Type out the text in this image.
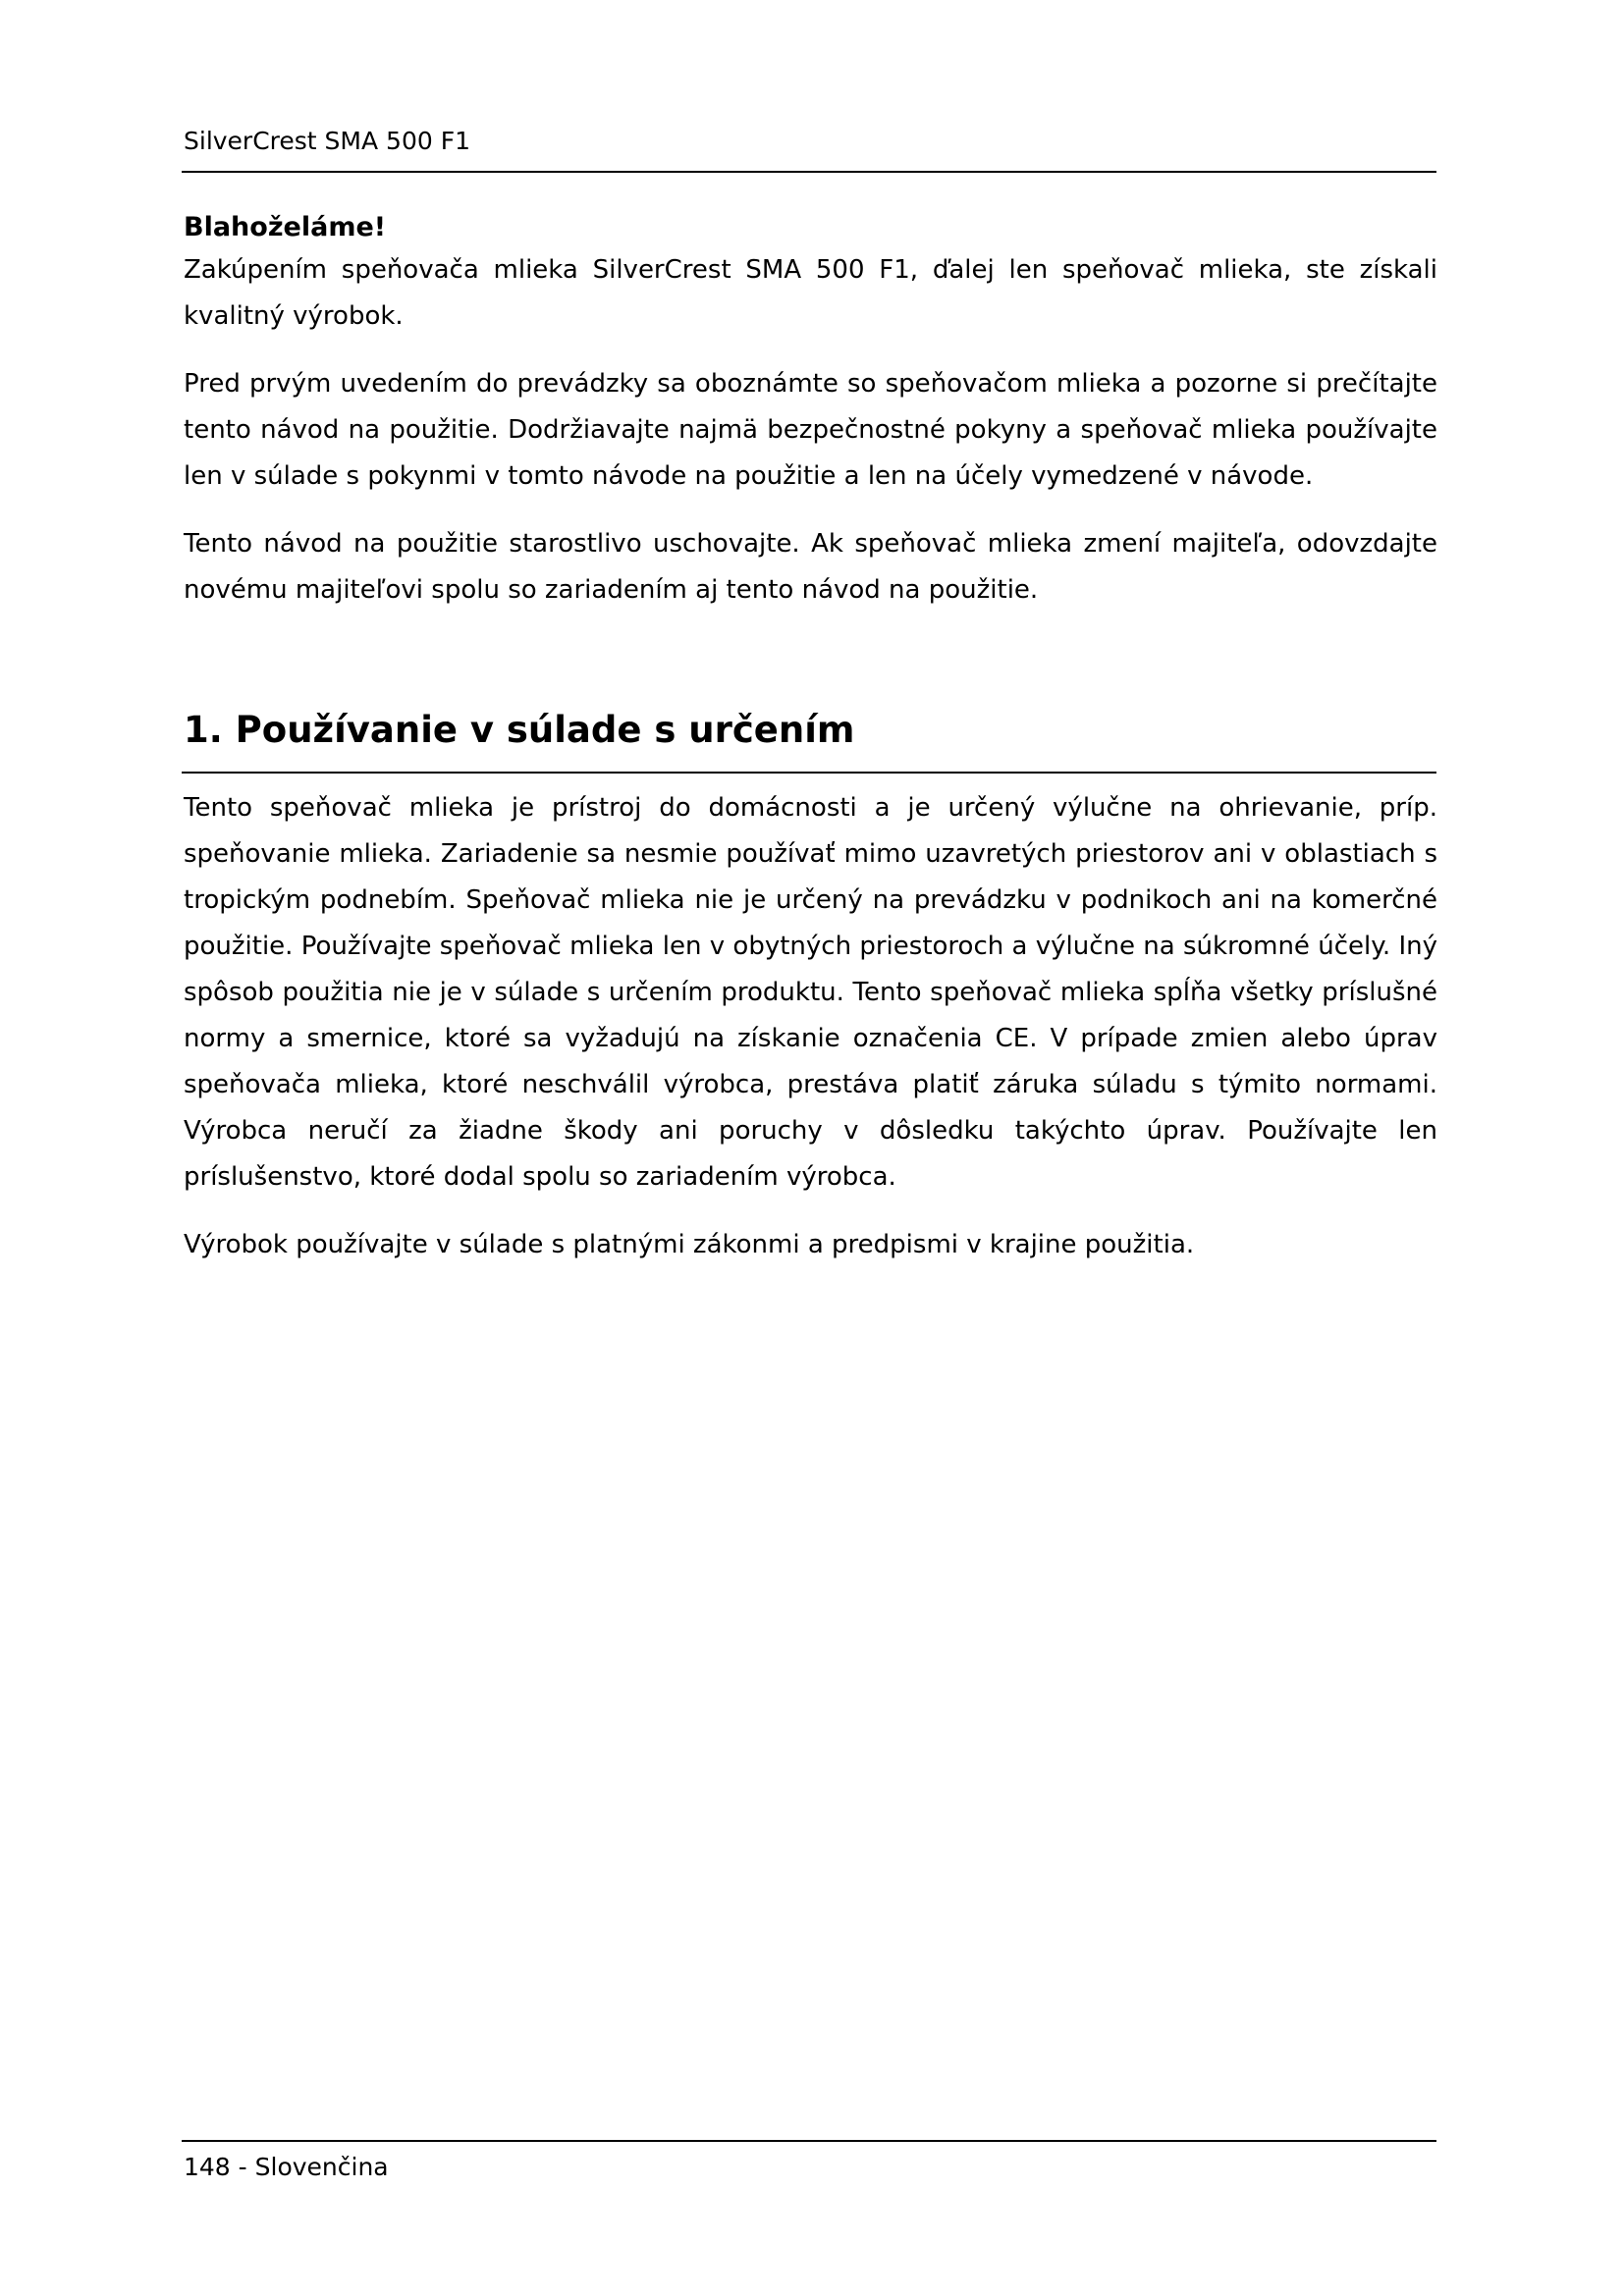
SilverCrest SMA 500 F1
Blahoželáme!

Zakúpením speňovača mlieka SilverCrest SMA 500 F1, ďalej len speňovač mlieka, ste získali kvalitný výrobok.

Pred prvým uvedením do prevádzky sa oboznámte so speňovačom mlieka a pozorne si prečítajte tento návod na použitie. Dodržiavajte najmä bezpečnostné pokyny a speňovač mlieka používajte len v súlade s pokynmi v tomto návode na použitie a len na účely vymedzené v návode.

Tento návod na použitie starostlivo uschovajte. Ak speňovač mlieka zmení majiteľa, odovzdajte novému majiteľovi spolu so zariadením aj tento návod na použitie.

1. Používanie v súlade s určením

Tento speňovač mlieka je prístroj do domácnosti a je určený výlučne na ohrievanie, príp. speňovanie mlieka. Zariadenie sa nesmie používať mimo uzavretých priestorov ani v oblastiach s tropickým podnebím. Speňovač mlieka nie je určený na prevádzku v podnikoch ani na komerčné použitie. Používajte speňovač mlieka len v obytných priestoroch a výlučne na súkromné účely. Iný spôsob použitia nie je v súlade s určením produktu. Tento speňovač mlieka spĺňa všetky príslušné normy a smernice, ktoré sa vyžadujú na získanie označenia CE. V prípade zmien alebo úprav speňovača mlieka, ktoré neschválil výrobca, prestáva platiť záruka súladu s týmito normami. Výrobca neručí za žiadne škody ani poruchy v dôsledku takýchto úprav. Používajte len príslušenstvo, ktoré dodal spolu so zariadením výrobca.

Výrobok používajte v súlade s platnými zákonmi a predpismi v krajine použitia.

148 - Slovenčina
